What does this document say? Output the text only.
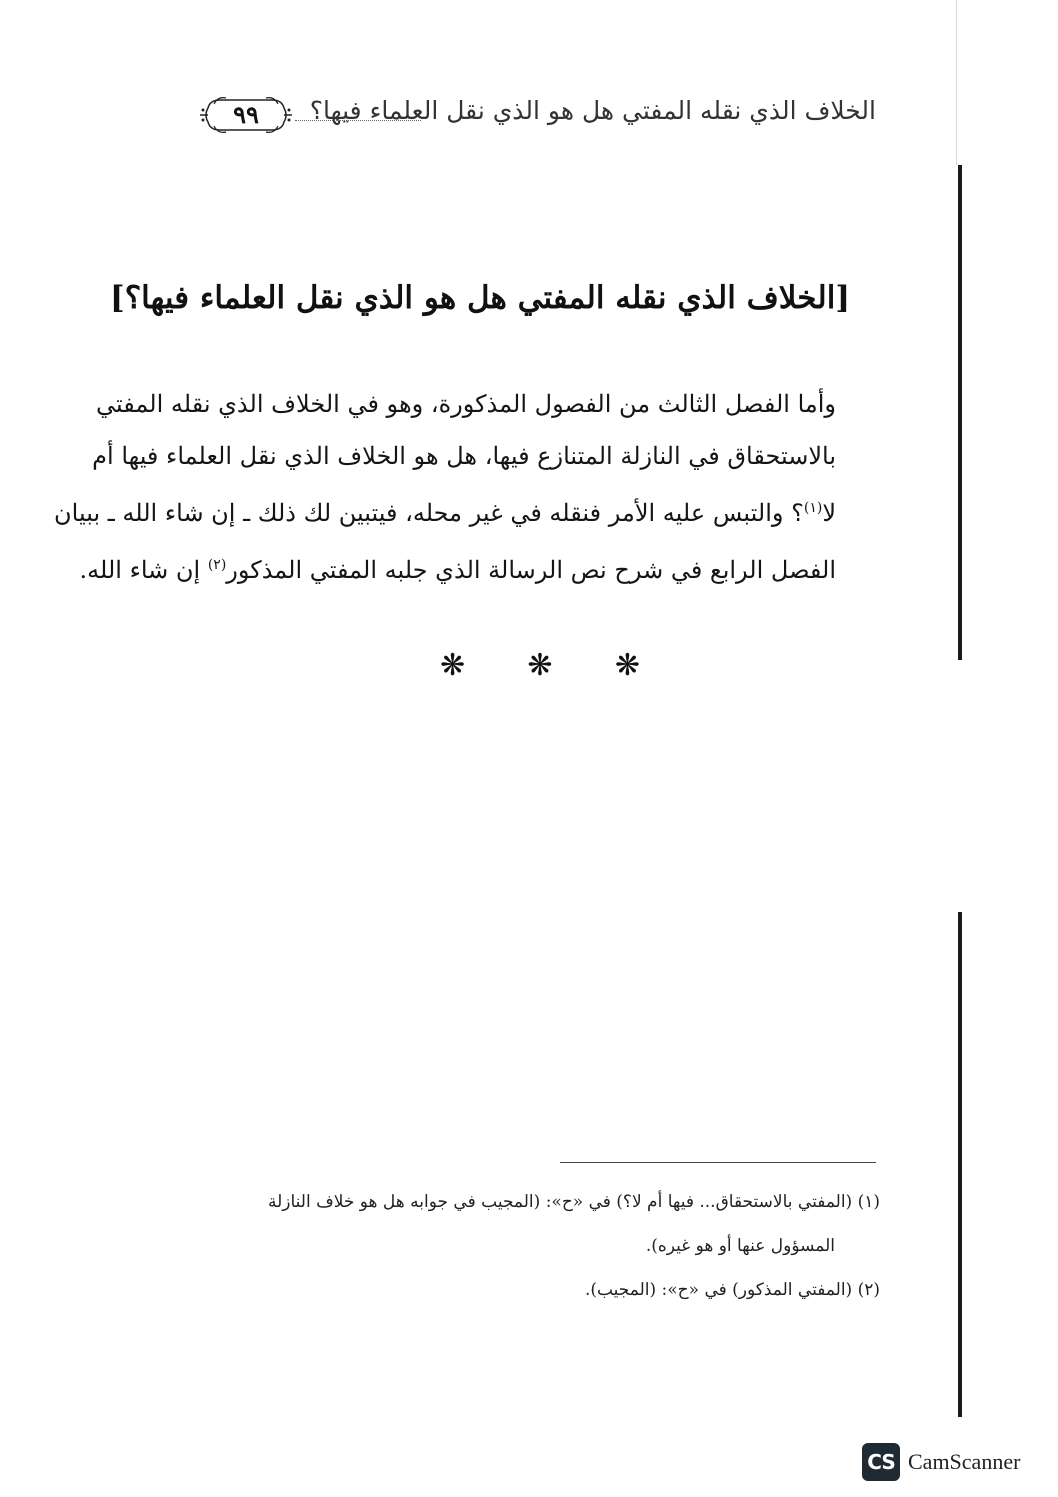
الخلاف الذي نقله المفتي هل هو الذي نقل العلماء فيها؟
٩٩
[الخلاف الذي نقله المفتي هل هو الذي نقل العلماء فيها؟]
وأما الفصل الثالث من الفصول المذكورة، وهو في الخلاف الذي نقله المفتي
بالاستحقاق في النازلة المتنازع فيها، هل هو الخلاف الذي نقل العلماء فيها أم
لا$^{(١)}$؟ والتبس عليه الأمر فنقله في غير محله، فيتبين لك ذلك ـ إن شاء الله ـ ببيان
الفصل الرابع في شرح نص الرسالة الذي جلبه المفتي المذكور$^{(٢)}$ إن شاء الله.
❋ ❋ ❋
(١) (المفتي بالاستحقاق... فيها أم لا؟) في «ح»: (المجيب في جوابه هل هو خلاف النازلة
المسؤول عنها أو هو غيره).
(٢) (المفتي المذكور) في «ح»: (المجيب).
CS CamScanner
